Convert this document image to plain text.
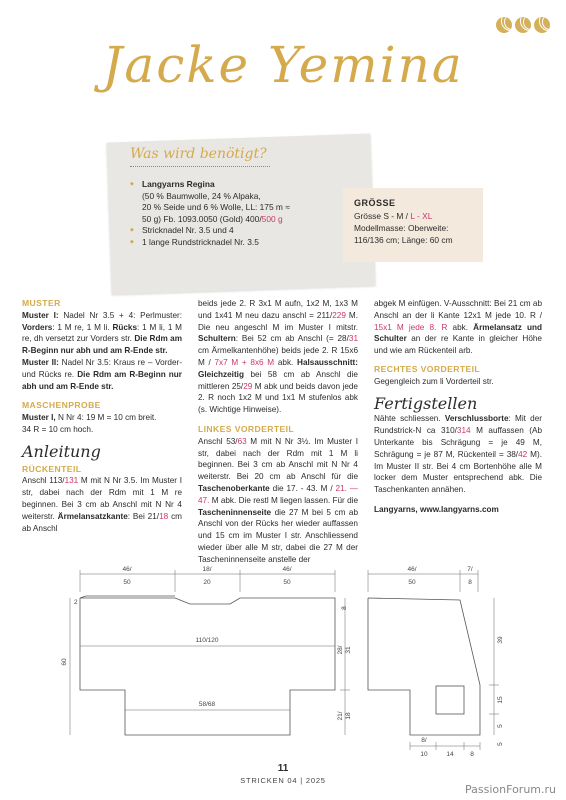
Jacke Yemina
Was wird benötigt?
◆ Langyarns Regina
(50 % Baumwolle, 24 % Alpaka,
20 % Seide und 6 % Wolle, LL: 175 m ≈
50 g) Fb. 1093.0050 (Gold) 400/500 g
◆ Stricknadel Nr. 3.5 und 4
◆ 1 lange Rundstricknadel Nr. 3.5
GRÖSSE
Grösse S - M / L - XL
Modellmasse: Oberweite:
116/136 cm; Länge: 60 cm
MUSTER

Muster I: Nadel Nr 3.5 + 4: Perlmuster: Vorders: 1 M re, 1 M li. Rücks: 1 M li, 1 M re, dh versetzt zur Vorders str. Die Rdm am R-Beginn nur abh und am R-Ende str.

Muster II: Nadel Nr 3.5: Kraus re – Vorder- und Rücks re. Die Rdm am R-Beginn nur abh und am R-Ende str.

MASCHENPROBE

Muster I, N Nr 4: 19 M = 10 cm breit.

34 R = 10 cm hoch.

Anleitung
RÜCKENTEIL

Anschl 113/131 M mit N Nr 3.5. Im Muster I str, dabei nach der Rdm mit 1 M re beginnen. Bei 3 cm ab Anschl mit N Nr 4 weiterstr. Ärmelansatzkante: Bei 21/18 cm ab Anschl

beids jede 2. R 3x1 M aufn, 1x2 M, 1x3 M und 1x41 M neu dazu anschl = 211/229 M. Die neu angeschl M im Muster I mitstr. Schultern: Bei 52 cm ab Anschl (= 28/31 cm Ärmelkantenhöhe) beids jede 2. R 15x6 M / 7x7 M + 8x6 M abk. Halsausschnitt: Gleichzeitig bei 58 cm ab Anschl die mittleren 25/29 M abk und beids davon jede 2. R noch 1x2 M und 1x1 M stufenlos abk (s. Wichtige Hinweise).

LINKES VORDERTEIL

Anschl 53/63 M mit N Nr 3½. Im Muster I str, dabei nach der Rdm mit 1 M li beginnen. Bei 3 cm ab Anschl mit N Nr 4 weiterstr. Bei 20 cm ab Anschl für die Taschenoberkante die 17. - 43. M / 21. — 47. M abk. Die restl M liegen lassen. Für die Tascheninnenseite die 27 M bei 5 cm ab Anschl von der Rücks her wieder auffassen und 15 cm im Muster I str. Anschliessend wieder über alle M str, dabei die 27 M der Tascheninnenseite anstelle der

abgek M einfügen. V-Ausschnitt: Bei 21 cm ab Anschl an der li Kante 12x1 M jede 10. R / 15x1 M jede 8. R abk. Ärmelansatz und Schulter an der re Kante in gleicher Höhe und wie am Rückenteil arb.

RECHTES VORDERTEIL

Gegengleich zum li Vorderteil str.

Fertigstellen

Nähte schliessen. Verschlussborte: Mit der Rundstrick-N ca 310/314 M auffassen (Ab Unterkante bis Schrägung = je 49 M, Schrägung = je 87 M, Rückenteil = 38/42 M). Im Muster II str. Bei 4 cm Bortenhöhe alle M locker dem Muster entsprechend abk. Die Taschenkanten annähen.

Langyarns, www.langyarns.com

46/
50
18/
20
46/
50
110/120
58/68
2
60
28/ 31
21/ 18
8
46/
50
7/
8
39
15
5
8/
10	14	8
5
11
STRICKEN 04 | 2025
PassionForum.ru
